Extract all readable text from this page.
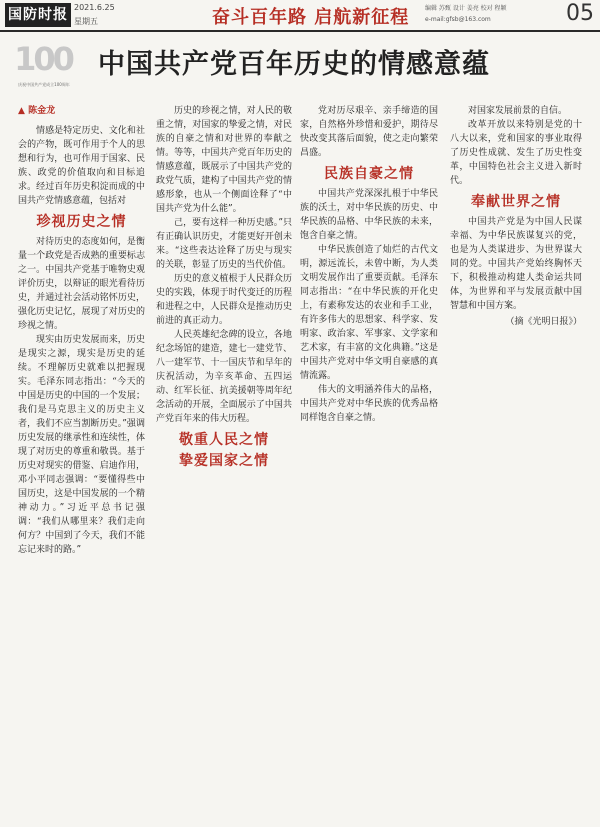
国防时报 2021.6.25
星期五	奋斗百年路 启航新征程	编辑 苏甄 设计 姜亮 校对 程颖
e-mail:gfsb@163.com	05
100
庆祝中国共产党成立100周年
中国共产党百年历史的情感意蕴
▲ 陈金龙

情感是特定历史、文化和社会的产物，既可作用于个人的思想和行为，也可作用于国家、民族、政党的价值取向和目标追求。经过百年历史积淀而成的中国共产党情感意蕴，包括对

珍视历史之情

对待历史的态度如何，是衡量一个政党是否成熟的重要标志之一。中国共产党基于唯物史观评价历史，以辩证的眼光看待历史，并通过社会活动铭怀历史，强化历史记忆，展现了对历史的珍视之情。

现实由历史发展而来，历史是现实之源，现实是历史的延续。不理解历史就难以把握现实。毛泽东同志指出：“今天的中国是历史的中国的一个发展；我们是马克思主义的历史主义者，我们不应当割断历史。”强调历史发展的继承性和连续性，体现了对历史的尊重和敬畏。基于历史对现实的借鉴、启迪作用，邓小平同志强调：“要懂得些中国历史，这是中国发展的一个精神动力。”习近平总书记强调：“我们从哪里来？我们走向何方？中国到了今天，我们不能忘记来时的路。”

历史的珍视之情，对人民的敬重之情，对国家的挚爱之情，对民族的自豪之情和对世界的奉献之情。等等，中国共产党百年历史的情感意蕴，既展示了中国共产党的政党气质，建构了中国共产党的情感形象，也从一个侧面诠释了“中国共产党为什么能”。

己，要有这样一种历史感。”只有正确认识历史，才能更好开创未来。“这些表达诠释了历史与现实的关联，彰显了历史的当代价值。

历史的意义植根于人民群众历史的实践，体现于时代变迁的历程和进程之中，人民群众是推动历史前进的真正动力。

人民英雄纪念碑的设立，各地纪念场馆的建造，建七一建党节、八一建军节、十一国庆节和早年的庆祝活动，为辛亥革命、五四运动、红军长征、抗美援朝等周年纪念活动的开展，全面展示了中国共产党百年来的伟大历程。

敬重人民之情
挚爱国家之情

党对历尽艰辛、亲手缔造的国家，自然格外珍惜和爱护，期待尽快改变其落后面貌，使之走向繁荣昌盛。

民族自豪之情

中国共产党深深扎根于中华民族的沃土，对中华民族的历史、中华民族的品格、中华民族的未来，饱含自豪之情。

中华民族创造了灿烂的古代文明，源远流长，未曾中断，为人类文明发展作出了重要贡献。毛泽东同志指出：“在中华民族的开化史上，有素称发达的农业和手工业，有许多伟大的思想家、科学家、发明家、政治家、军事家、文学家和艺术家，有丰富的文化典籍。”这是中国共产党对中华文明自豪感的真情流露。

伟大的文明涵养伟大的品格，中国共产党对中华民族的优秀品格同样饱含自豪之情。

对国家发展前景的自信。

改革开放以来特别是党的十八大以来，党和国家的事业取得了历史性成就、发生了历史性变革，中国特色社会主义进入新时代。

奉献世界之情

中国共产党是为中国人民谋幸福、为中华民族谋复兴的党，也是为人类谋进步、为世界谋大同的党。中国共产党始终胸怀天下，积极推动构建人类命运共同体，为世界和平与发展贡献中国智慧和中国方案。

（摘《光明日报》）
